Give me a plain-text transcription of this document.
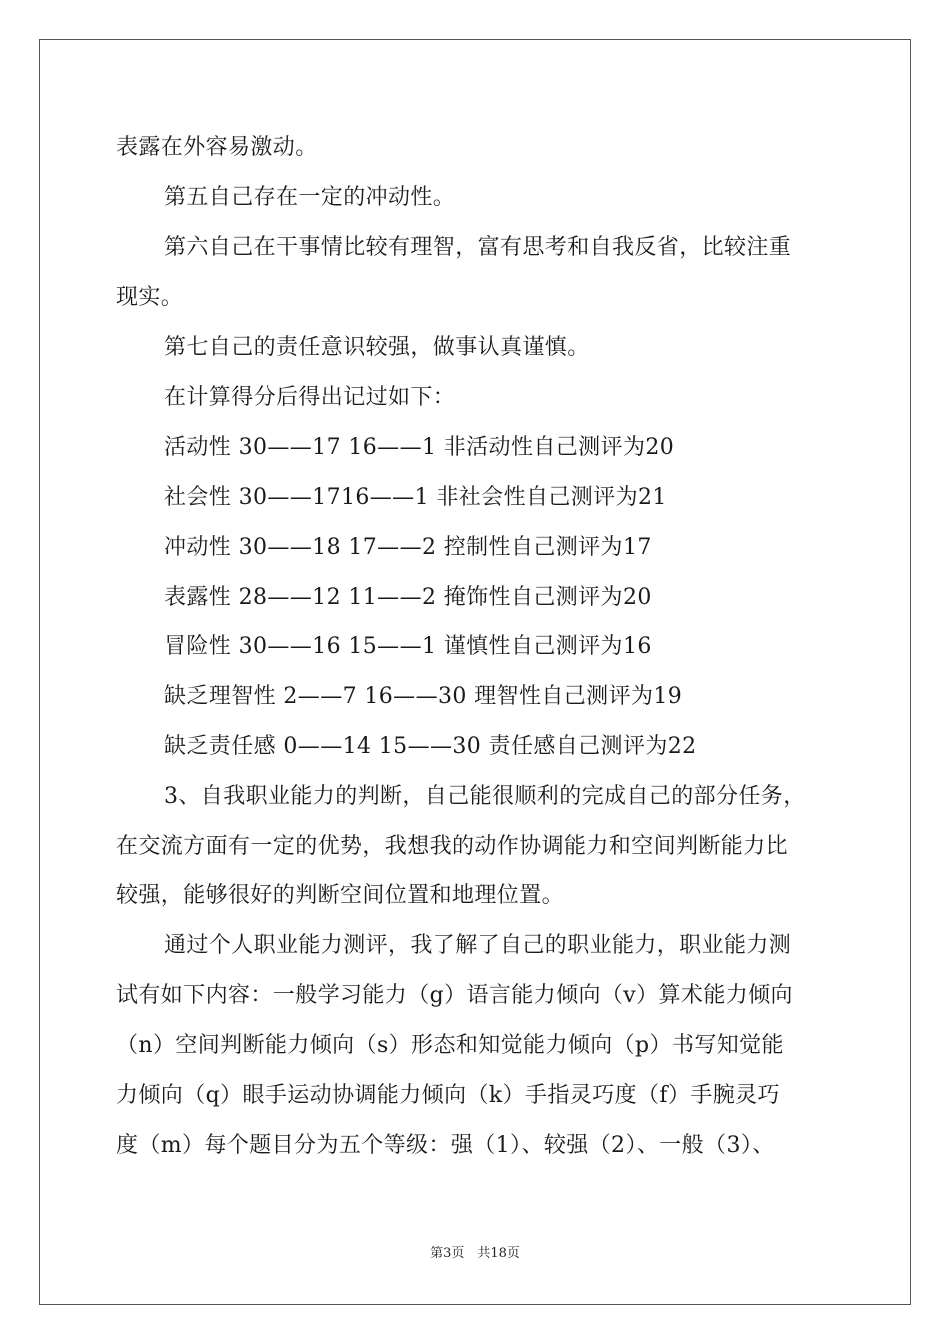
表露在外容易激动。
第五自己存在一定的冲动性。
第六自己在干事情比较有理智，富有思考和自我反省，比较注重
现实。
第七自己的责任意识较强，做事认真谨慎。
在计算得分后得出记过如下：
活动性 30——17 16——1 非活动性自己测评为20
社会性 30——1716——1 非社会性自己测评为21
冲动性 30——18 17——2 控制性自己测评为17
表露性 28——12 11——2 掩饰性自己测评为20
冒险性 30——16 15——1 谨慎性自己测评为16
缺乏理智性 2——7 16——30 理智性自己测评为19
缺乏责任感 0——14 15——30 责任感自己测评为22
3、自我职业能力的判断，自己能很顺利的完成自己的部分任务，
在交流方面有一定的优势，我想我的动作协调能力和空间判断能力比
较强，能够很好的判断空间位置和地理位置。
通过个人职业能力测评，我了解了自己的职业能力，职业能力测
试有如下内容：一般学习能力（g）语言能力倾向（v）算术能力倾向
（n）空间判断能力倾向（s）形态和知觉能力倾向（p）书写知觉能
力倾向（q）眼手运动协调能力倾向（k）手指灵巧度（f）手腕灵巧
度（m）每个题目分为五个等级：强（1）、较强（2）、一般（3）、
第3页　共18页
